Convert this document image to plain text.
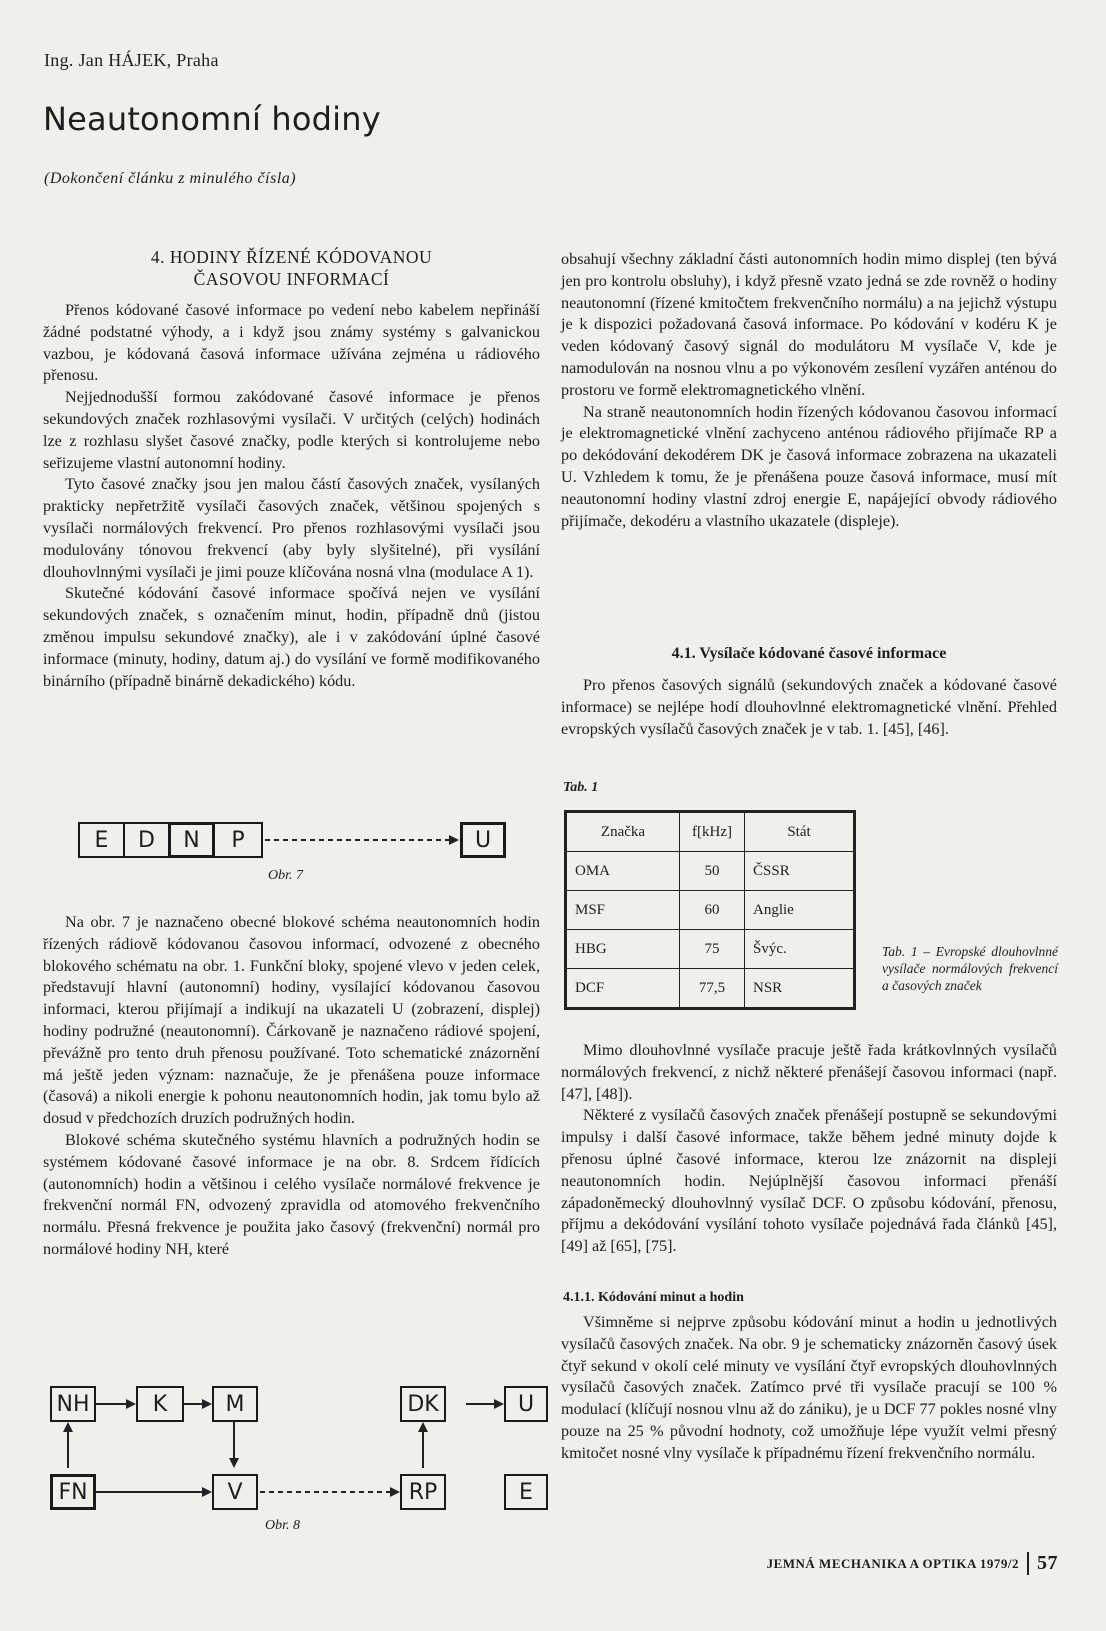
Ing. Jan HÁJEK, Praha
Neautonomní hodiny
(Dokončení článku z minulého čísla)
4. HODINY ŘÍZENÉ KÓDOVANOU
ČASOVOU INFORMACÍ

Přenos kódované časové informace po vedení nebo kabelem nepřináší žádné podstatné výhody, a i když jsou známy systémy s galvanickou vazbou, je kódovaná časová informace užívána zejména u rádiového přenosu.

Nejjednodušší formou zakódované časové informace je přenos sekundových značek rozhlasovými vysílači. V určitých (celých) hodinách lze z rozhlasu slyšet časové značky, podle kterých si kontrolujeme nebo seřizujeme vlastní autonomní hodiny.

Tyto časové značky jsou jen malou částí časových značek, vysílaných prakticky nepřetržitě vysílači časových značek, většinou spojených s vysílači normálových frekvencí. Pro přenos rozhlasovými vysílači jsou modulovány tónovou frekvencí (aby byly slyšitelné), při vysílání dlouhovlnnými vysílači je jimi pouze klíčována nosná vlna (modulace A 1).

Skutečné kódování časové informace spočívá nejen ve vysílání sekundových značek, s označením minut, hodin, případně dnů (jistou změnou impulsu sekundové značky), ale i v zakódování úplné časové informace (minuty, hodiny, datum aj.) do vysílání ve formě modifikovaného binárního (případně binárně dekadického) kódu.

E	D	N	P	U
Obr. 7

Na obr. 7 je naznačeno obecné blokové schéma neautonomních hodin řízených rádiově kódovanou časovou informací, odvozené z obecného blokového schématu na obr. 1. Funkční bloky, spojené vlevo v jeden celek, představují hlavní (autonomní) hodiny, vysílající kódovanou časovou informaci, kterou přijímají a indikují na ukazateli U (zobrazení, displej) hodiny podružné (neautonomní). Čárkovaně je naznačeno rádiové spojení, převážně pro tento druh přenosu používané. Toto schematické znázornění má ještě jeden význam: naznačuje, že je přenášena pouze informace (časová) a nikoli energie k pohonu neautonomních hodin, jak tomu bylo až dosud v předchozích druzích podružných hodin.

Blokové schéma skutečného systému hlavních a podružných hodin se systémem kódované časové informace je na obr. 8. Srdcem řídících (autonomních) hodin a většinou i celého vysílače normálové frekvence je frekvenční normál FN, odvozený zpravidla od atomového frekvenčního normálu. Přesná frekvence je použita jako časový (frekvenční) normál pro normálové hodiny NH, které

NH	K	M
FN	V
DK	U
RP	E
Obr. 8

obsahují všechny základní části autonomních hodin mimo displej (ten bývá jen pro kontrolu obsluhy), i když přesně vzato jedná se zde rovněž o hodiny neautonomní (řízené kmitočtem frekvenčního normálu) a na jejichž výstupu je k dispozici požadovaná časová informace. Po kódování v kodéru K je veden kódovaný časový signál do modulátoru M vysílače V, kde je namodulován na nosnou vlnu a po výkonovém zesílení vyzářen anténou do prostoru ve formě elektromagnetického vlnění.

Na straně neautonomních hodin řízených kódovanou časovou informací je elektromagnetické vlnění zachyceno anténou rádiového přijímače RP a po dekódování dekodérem DK je časová informace zobrazena na ukazateli U. Vzhledem k tomu, že je přenášena pouze časová informace, musí mít neautonomní hodiny vlastní zdroj energie E, napájející obvody rádiového přijímače, dekodéru a vlastního ukazatele (displeje).

4.1. Vysílače kódované časové informace

Pro přenos časových signálů (sekundových značek a kódované časové informace) se nejlépe hodí dlouhovlnné elektromagnetické vlnění. Přehled evropských vysílačů časových značek je v tab. 1. [45], [46].

Tab. 1
Značka	f[kHz]	Stát
OMA	50	ČSSR
MSF	60	Anglie
HBG	75	Švýc.
DCF	77,5	NSR
Tab. 1 – Evropské dlouhovlnné vysílače normálových frekvencí a časových značek

Mimo dlouhovlnné vysílače pracuje ještě řada krátkovlnných vysílačů normálových frekvencí, z nichž některé přenášejí časovou informaci (např. [47], [48]).

Některé z vysílačů časových značek přenášejí postupně se sekundovými impulsy i další časové informace, takže během jedné minuty dojde k přenosu úplné časové informace, kterou lze znázornit na displeji neautonomních hodin. Nejúplnější časovou informaci přenáší západoněmecký dlouhovlnný vysílač DCF. O způsobu kódování, přenosu, příjmu a dekódování vysílání tohoto vysílače pojednává řada článků [45], [49] až [65], [75].

4.1.1. Kódování minut a hodin

Všimněme si nejprve způsobu kódování minut a hodin u jednotlivých vysílačů časových značek. Na obr. 9 je schematicky znázorněn časový úsek čtyř sekund v okolí celé minuty ve vysílání čtyř evropských dlouhovlnných vysílačů časových značek. Zatímco prvé tři vysílače pracují se 100 % modulací (klíčují nosnou vlnu až do zániku), je u DCF 77 pokles nosné vlny pouze na 25 % původní hodnoty, což umožňuje lépe využít velmi přesný kmitočet nosné vlny vysílače k případnému řízení frekvenčního normálu.

JEMNÁ MECHANIKA A OPTIKA 1979/2 57
